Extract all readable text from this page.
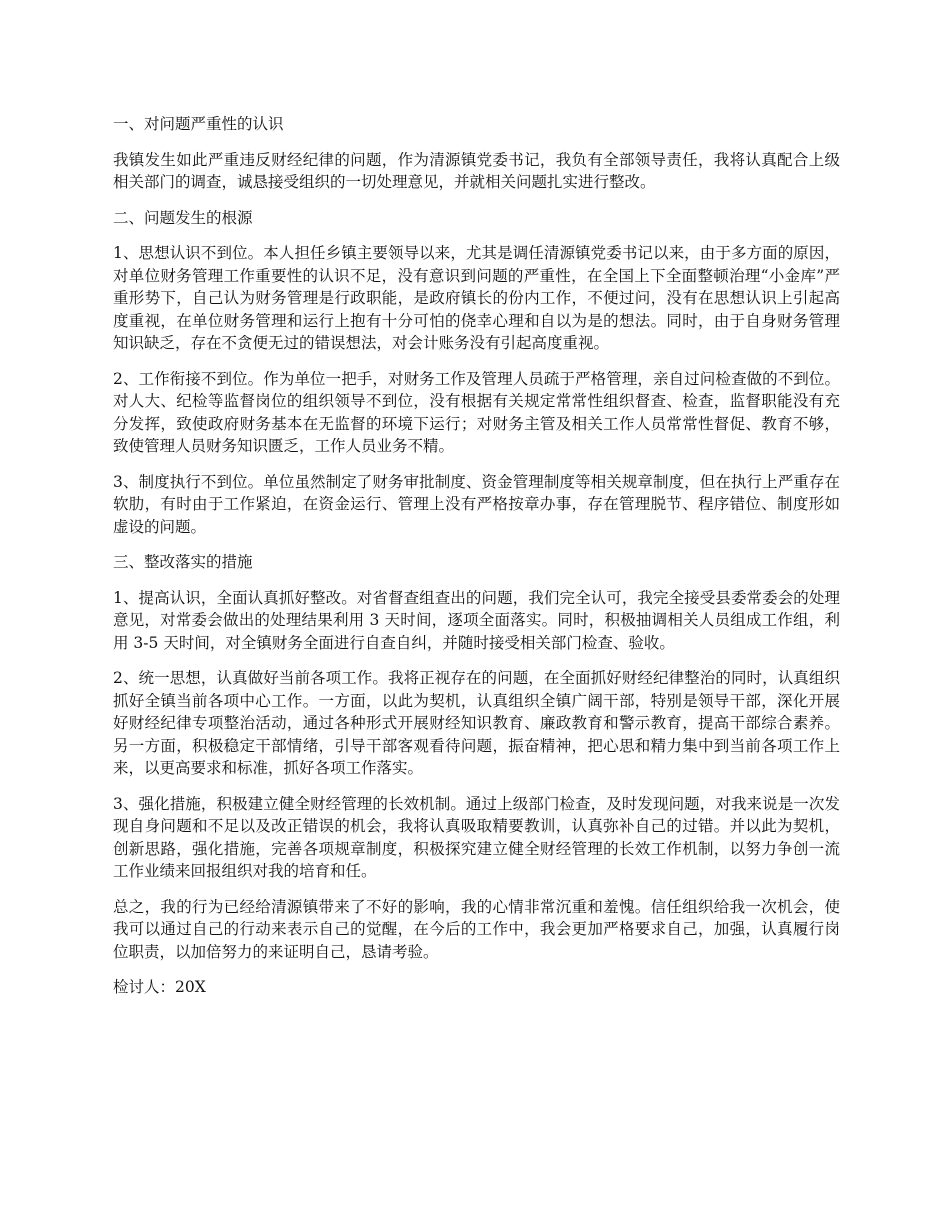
一、对问题严重性的认识

我镇发生如此严重违反财经纪律的问题，作为清源镇党委书记，我负有全部领导责任，我将认真配合上级相关部门的调查，诚恳接受组织的一切处理意见，并就相关问题扎实进行整改。

二、问题发生的根源

1、思想认识不到位。本人担任乡镇主要领导以来，尤其是调任清源镇党委书记以来，由于多方面的原因，对单位财务管理工作重要性的认识不足，没有意识到问题的严重性，在全国上下全面整顿治理“小金库”严重形势下，自己认为财务管理是行政职能，是政府镇长的份内工作，不便过问，没有在思想认识上引起高度重视，在单位财务管理和运行上抱有十分可怕的侥幸心理和自以为是的想法。同时，由于自身财务管理知识缺乏，存在不贪便无过的错误想法，对会计账务没有引起高度重视。

2、工作衔接不到位。作为单位一把手，对财务工作及管理人员疏于严格管理，亲自过问检查做的不到位。对人大、纪检等监督岗位的组织领导不到位，没有根据有关规定常常性组织督查、检查，监督职能没有充分发挥，致使政府财务基本在无监督的环境下运行；对财务主管及相关工作人员常常性督促、教育不够，致使管理人员财务知识匮乏，工作人员业务不精。

3、制度执行不到位。单位虽然制定了财务审批制度、资金管理制度等相关规章制度，但在执行上严重存在软肋，有时由于工作紧迫，在资金运行、管理上没有严格按章办事，存在管理脱节、程序错位、制度形如虚设的问题。

三、整改落实的措施

1、提高认识，全面认真抓好整改。对省督查组查出的问题，我们完全认可，我完全接受县委常委会的处理意见，对常委会做出的处理结果利用 3 天时间，逐项全面落实。同时，积极抽调相关人员组成工作组，利用 3-5 天时间，对全镇财务全面进行自查自纠，并随时接受相关部门检查、验收。

2、统一思想，认真做好当前各项工作。我将正视存在的问题，在全面抓好财经纪律整治的同时，认真组织抓好全镇当前各项中心工作。一方面，以此为契机，认真组织全镇广阔干部，特别是领导干部，深化开展好财经纪律专项整治活动，通过各种形式开展财经知识教育、廉政教育和警示教育，提高干部综合素养。另一方面，积极稳定干部情绪，引导干部客观看待问题，振奋精神，把心思和精力集中到当前各项工作上来，以更高要求和标准，抓好各项工作落实。

3、强化措施，积极建立健全财经管理的长效机制。通过上级部门检查，及时发现问题，对我来说是一次发现自身问题和不足以及改正错误的机会，我将认真吸取精要教训，认真弥补自己的过错。并以此为契机，创新思路，强化措施，完善各项规章制度，积极探究建立健全财经管理的长效工作机制，以努力争创一流工作业绩来回报组织对我的培育和任。

总之，我的行为已经给清源镇带来了不好的影响，我的心情非常沉重和羞愧。信任组织给我一次机会，使我可以通过自己的行动来表示自己的觉醒，在今后的工作中，我会更加严格要求自己，加强，认真履行岗位职责，以加倍努力的来证明自己，恳请考验。

检讨人：20X
